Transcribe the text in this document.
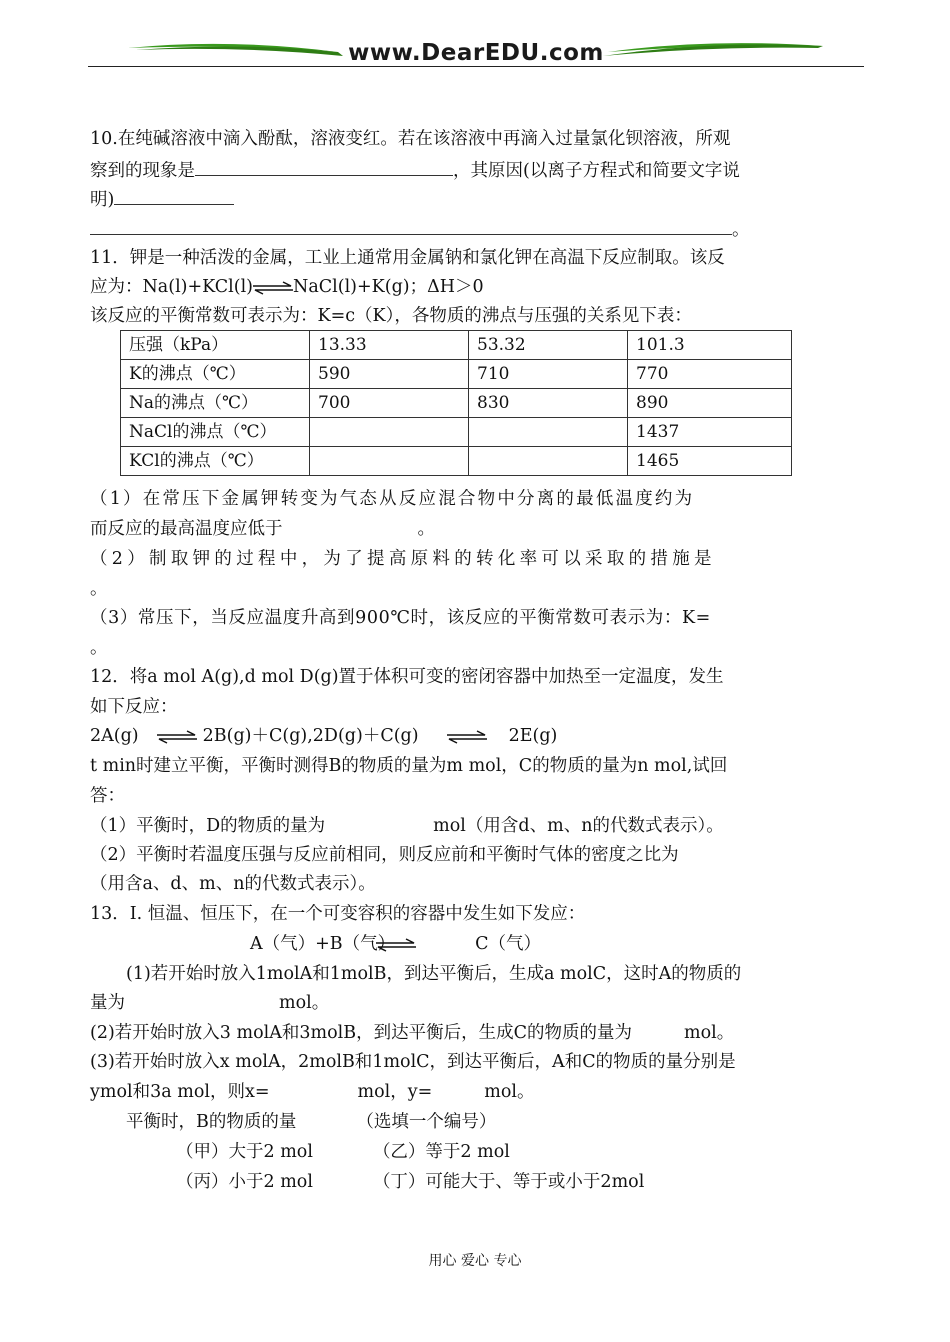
www.DearEDU.com
10.在纯碱溶液中滴入酚酞，溶液变红。若在该溶液中再滴入过量氯化钡溶液，所观
察到的现象是	，其原因(以离子方程式和简要文字说
明)
。
11．钾是一种活泼的金属，工业上通常用金属钠和氯化钾在高温下反应制取。该反
应为：Na(l)+KCl(l)⇌NaCl(l)+K(g)；ΔH＞0
该反应的平衡常数可表示为：K=c（K），各物质的沸点与压强的关系见下表：
压强（kPa）	13.33	53.32	101.3
K的沸点（℃）	590	710	770
Na的沸点（℃）	700	830	890
NaCl的沸点（℃）			1437
KCl的沸点（℃）			1465
（1）在常压下金属钾转变为气态从反应混合物中分离的最低温度约为
而反应的最高温度应低于	。
（2）制取钾的过程中，为了提高原料的转化率可以采取的措施是
。
（3）常压下，当反应温度升高到900℃时，该反应的平衡常数可表示为：K=
。
12．将a mol A(g),d mol D(g)置于体积可变的密闭容器中加热至一定温度，发生
如下反应：
2A(g) ⇌2B(g)＋C(g),2D(g)＋C(g) ⇌ 2E(g)
t min时建立平衡，平衡时测得B的物质的量为m mol，C的物质的量为n mol,试回
答：
（1）平衡时，D的物质的量为	mol（用含d、m、n的代数式表示）。
（2）平衡时若温度压强与反应前相同，则反应前和平衡时气体的密度之比为
（用含a、d、m、n的代数式表示）。
13．I. 恒温、恒压下，在一个可变容积的容器中发生如下发应：
A（气）+B（气）	C（气）
(1)若开始时放入1molA和1molB，到达平衡后，生成a molC，这时A的物质的
量为	mol。
(2)若开始时放入3 molA和3molB，到达平衡后，生成C的物质的量为	mol。
(3)若开始时放入x molA，2molB和1molC，到达平衡后，A和C的物质的量分别是
ymol和3a mol，则x=	mol，y=	mol。
平衡时，B的物质的量	（选填一个编号）
（甲）大于2 mol	（乙）等于2 mol
（丙）小于2 mol	（丁）可能大于、等于或小于2mol
用心 爱心 专心
